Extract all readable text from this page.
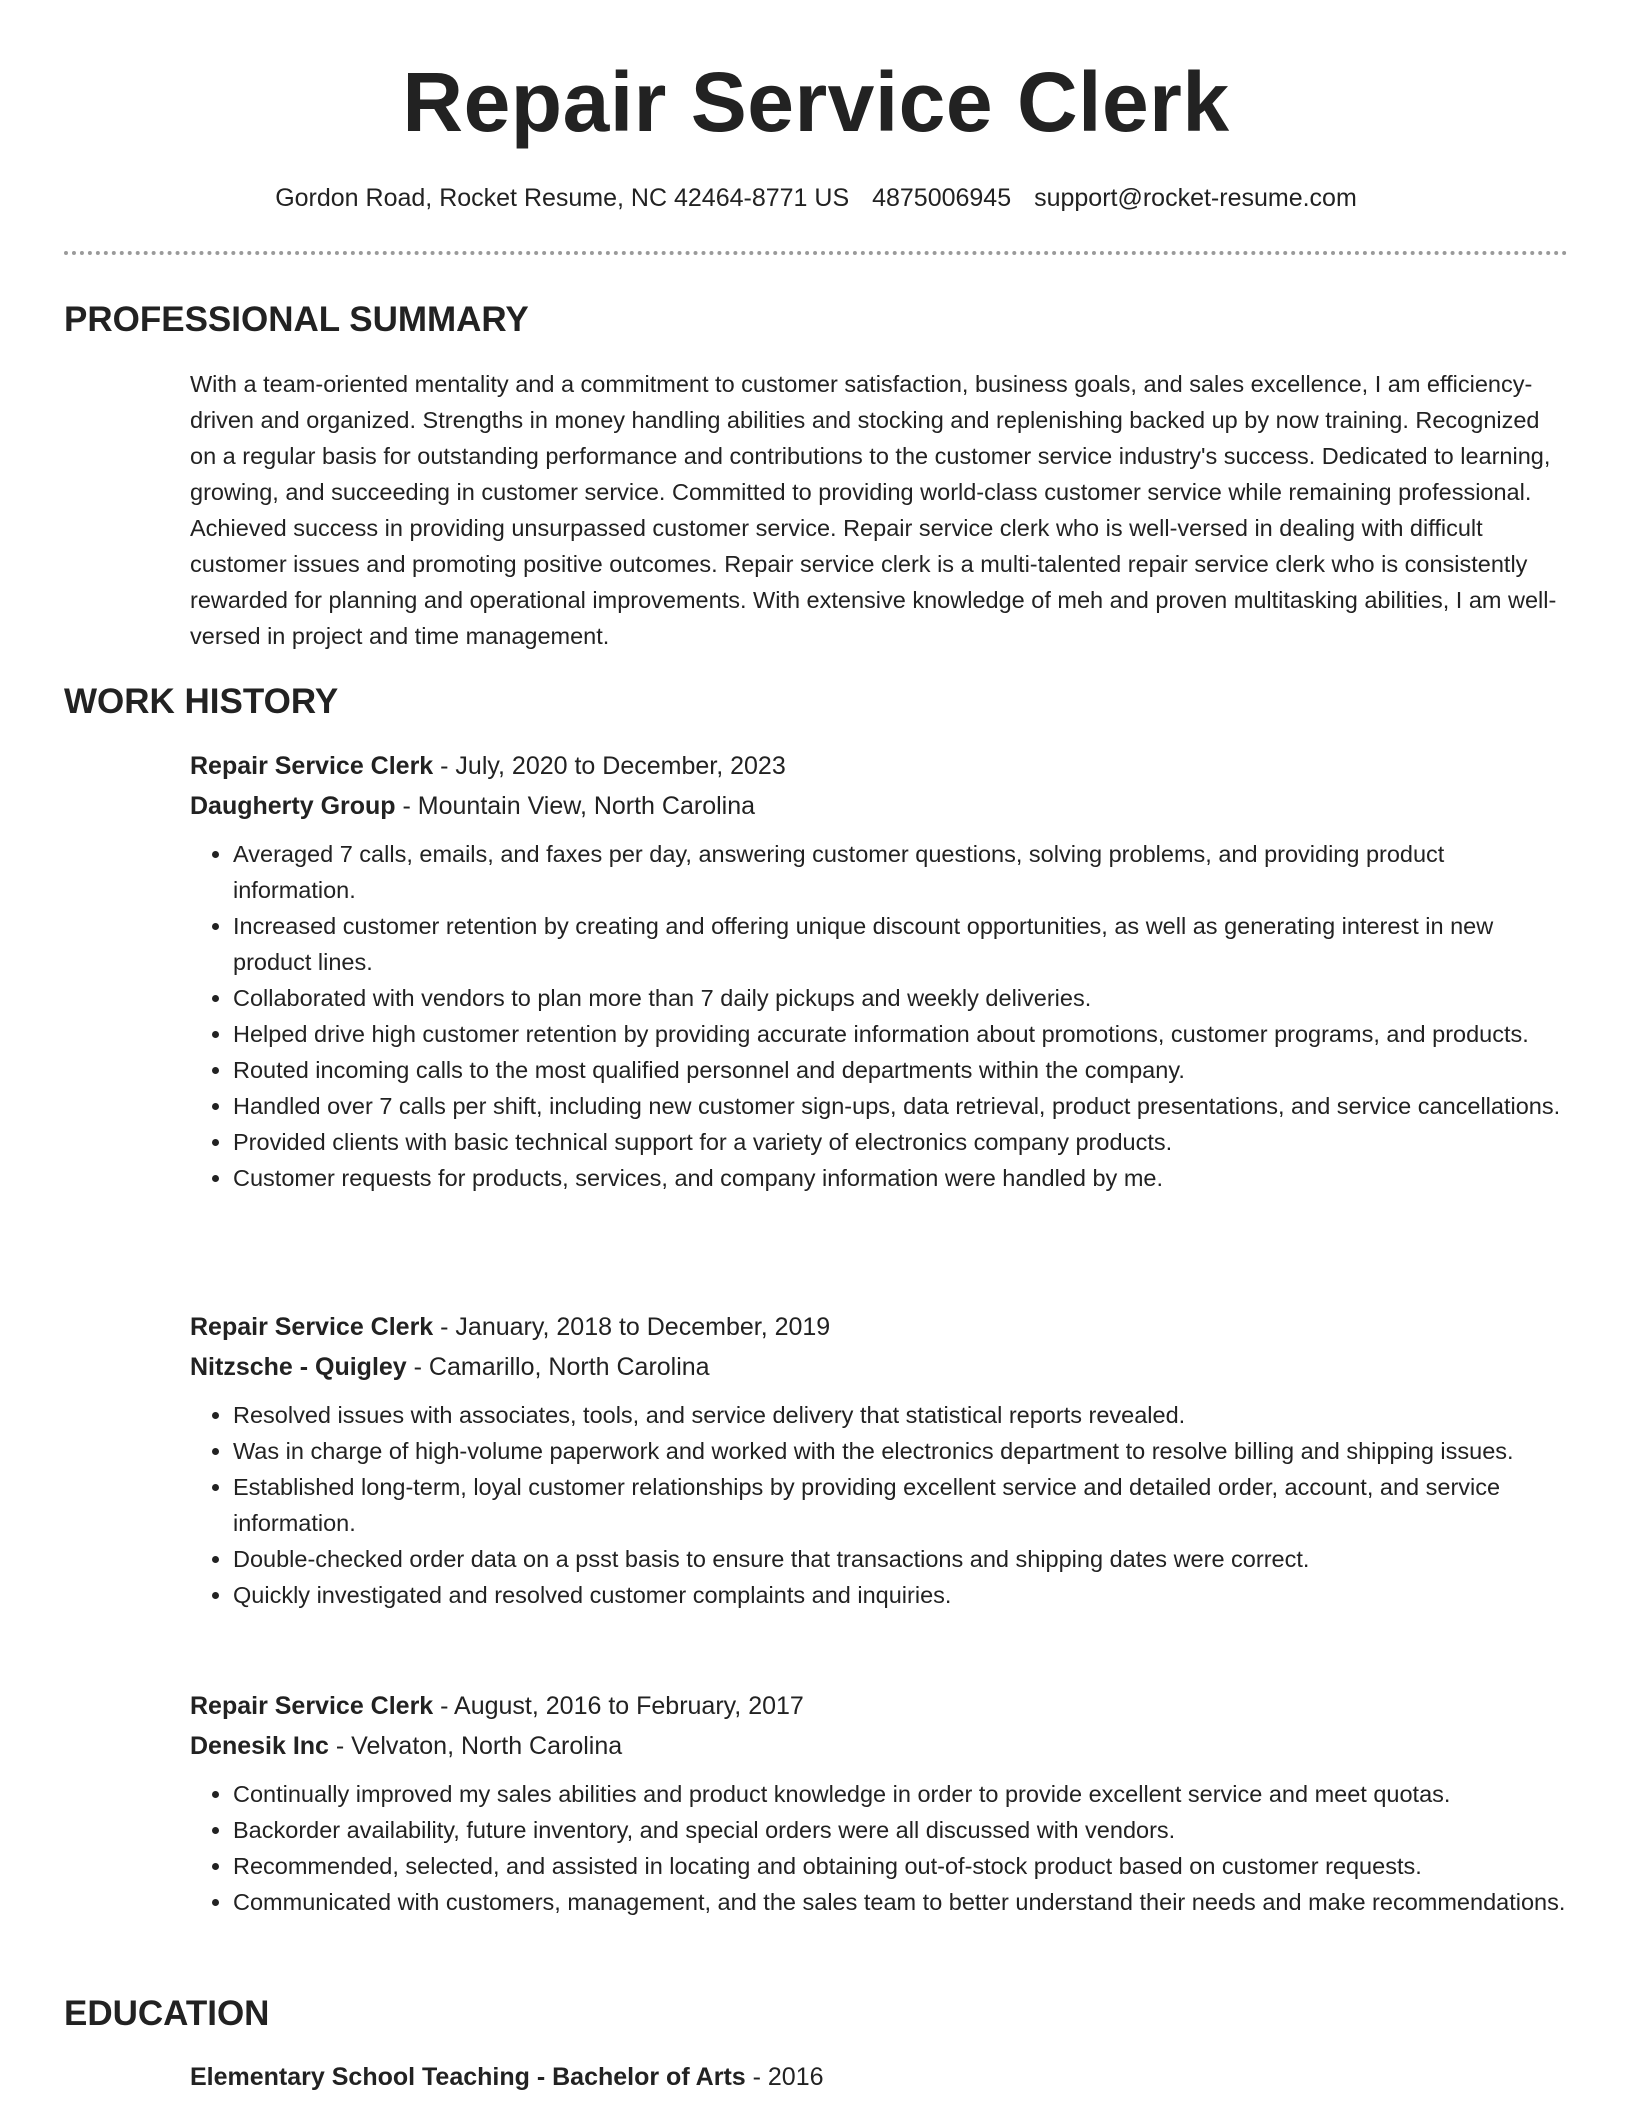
Repair Service Clerk
Gordon Road, Rocket Resume, NC 42464-8771 US 4875006945 support@rocket-resume.com
PROFESSIONAL SUMMARY

With a team-oriented mentality and a commitment to customer satisfaction, business goals, and sales excellence, I am efficiency-driven and organized. Strengths in money handling abilities and stocking and replenishing backed up by now training. Recognized on a regular basis for outstanding performance and contributions to the customer service industry's success. Dedicated to learning, growing, and succeeding in customer service. Committed to providing world-class customer service while remaining professional. Achieved success in providing unsurpassed customer service. Repair service clerk who is well-versed in dealing with difficult customer issues and promoting positive outcomes. Repair service clerk is a multi-talented repair service clerk who is consistently rewarded for planning and operational improvements. With extensive knowledge of meh and proven multitasking abilities, I am well-versed in project and time management.

WORK HISTORY

Repair Service Clerk - July, 2020 to December, 2023

Daugherty Group - Mountain View, North Carolina

• Averaged 7 calls, emails, and faxes per day, answering customer questions, solving problems, and providing product information.
• Increased customer retention by creating and offering unique discount opportunities, as well as generating interest in new product lines.
• Collaborated with vendors to plan more than 7 daily pickups and weekly deliveries.
• Helped drive high customer retention by providing accurate information about promotions, customer programs, and products.
• Routed incoming calls to the most qualified personnel and departments within the company.
• Handled over 7 calls per shift, including new customer sign-ups, data retrieval, product presentations, and service cancellations.
• Provided clients with basic technical support for a variety of electronics company products.
• Customer requests for products, services, and company information were handled by me.

Repair Service Clerk - January, 2018 to December, 2019

Nitzsche - Quigley - Camarillo, North Carolina

• Resolved issues with associates, tools, and service delivery that statistical reports revealed.
• Was in charge of high-volume paperwork and worked with the electronics department to resolve billing and shipping issues.
• Established long-term, loyal customer relationships by providing excellent service and detailed order, account, and service information.
• Double-checked order data on a psst basis to ensure that transactions and shipping dates were correct.
• Quickly investigated and resolved customer complaints and inquiries.

Repair Service Clerk - August, 2016 to February, 2017

Denesik Inc - Velvaton, North Carolina

• Continually improved my sales abilities and product knowledge in order to provide excellent service and meet quotas.
• Backorder availability, future inventory, and special orders were all discussed with vendors.
• Recommended, selected, and assisted in locating and obtaining out-of-stock product based on customer requests.
• Communicated with customers, management, and the sales team to better understand their needs and make recommendations.
EDUCATION

Elementary School Teaching - Bachelor of Arts - 2016
